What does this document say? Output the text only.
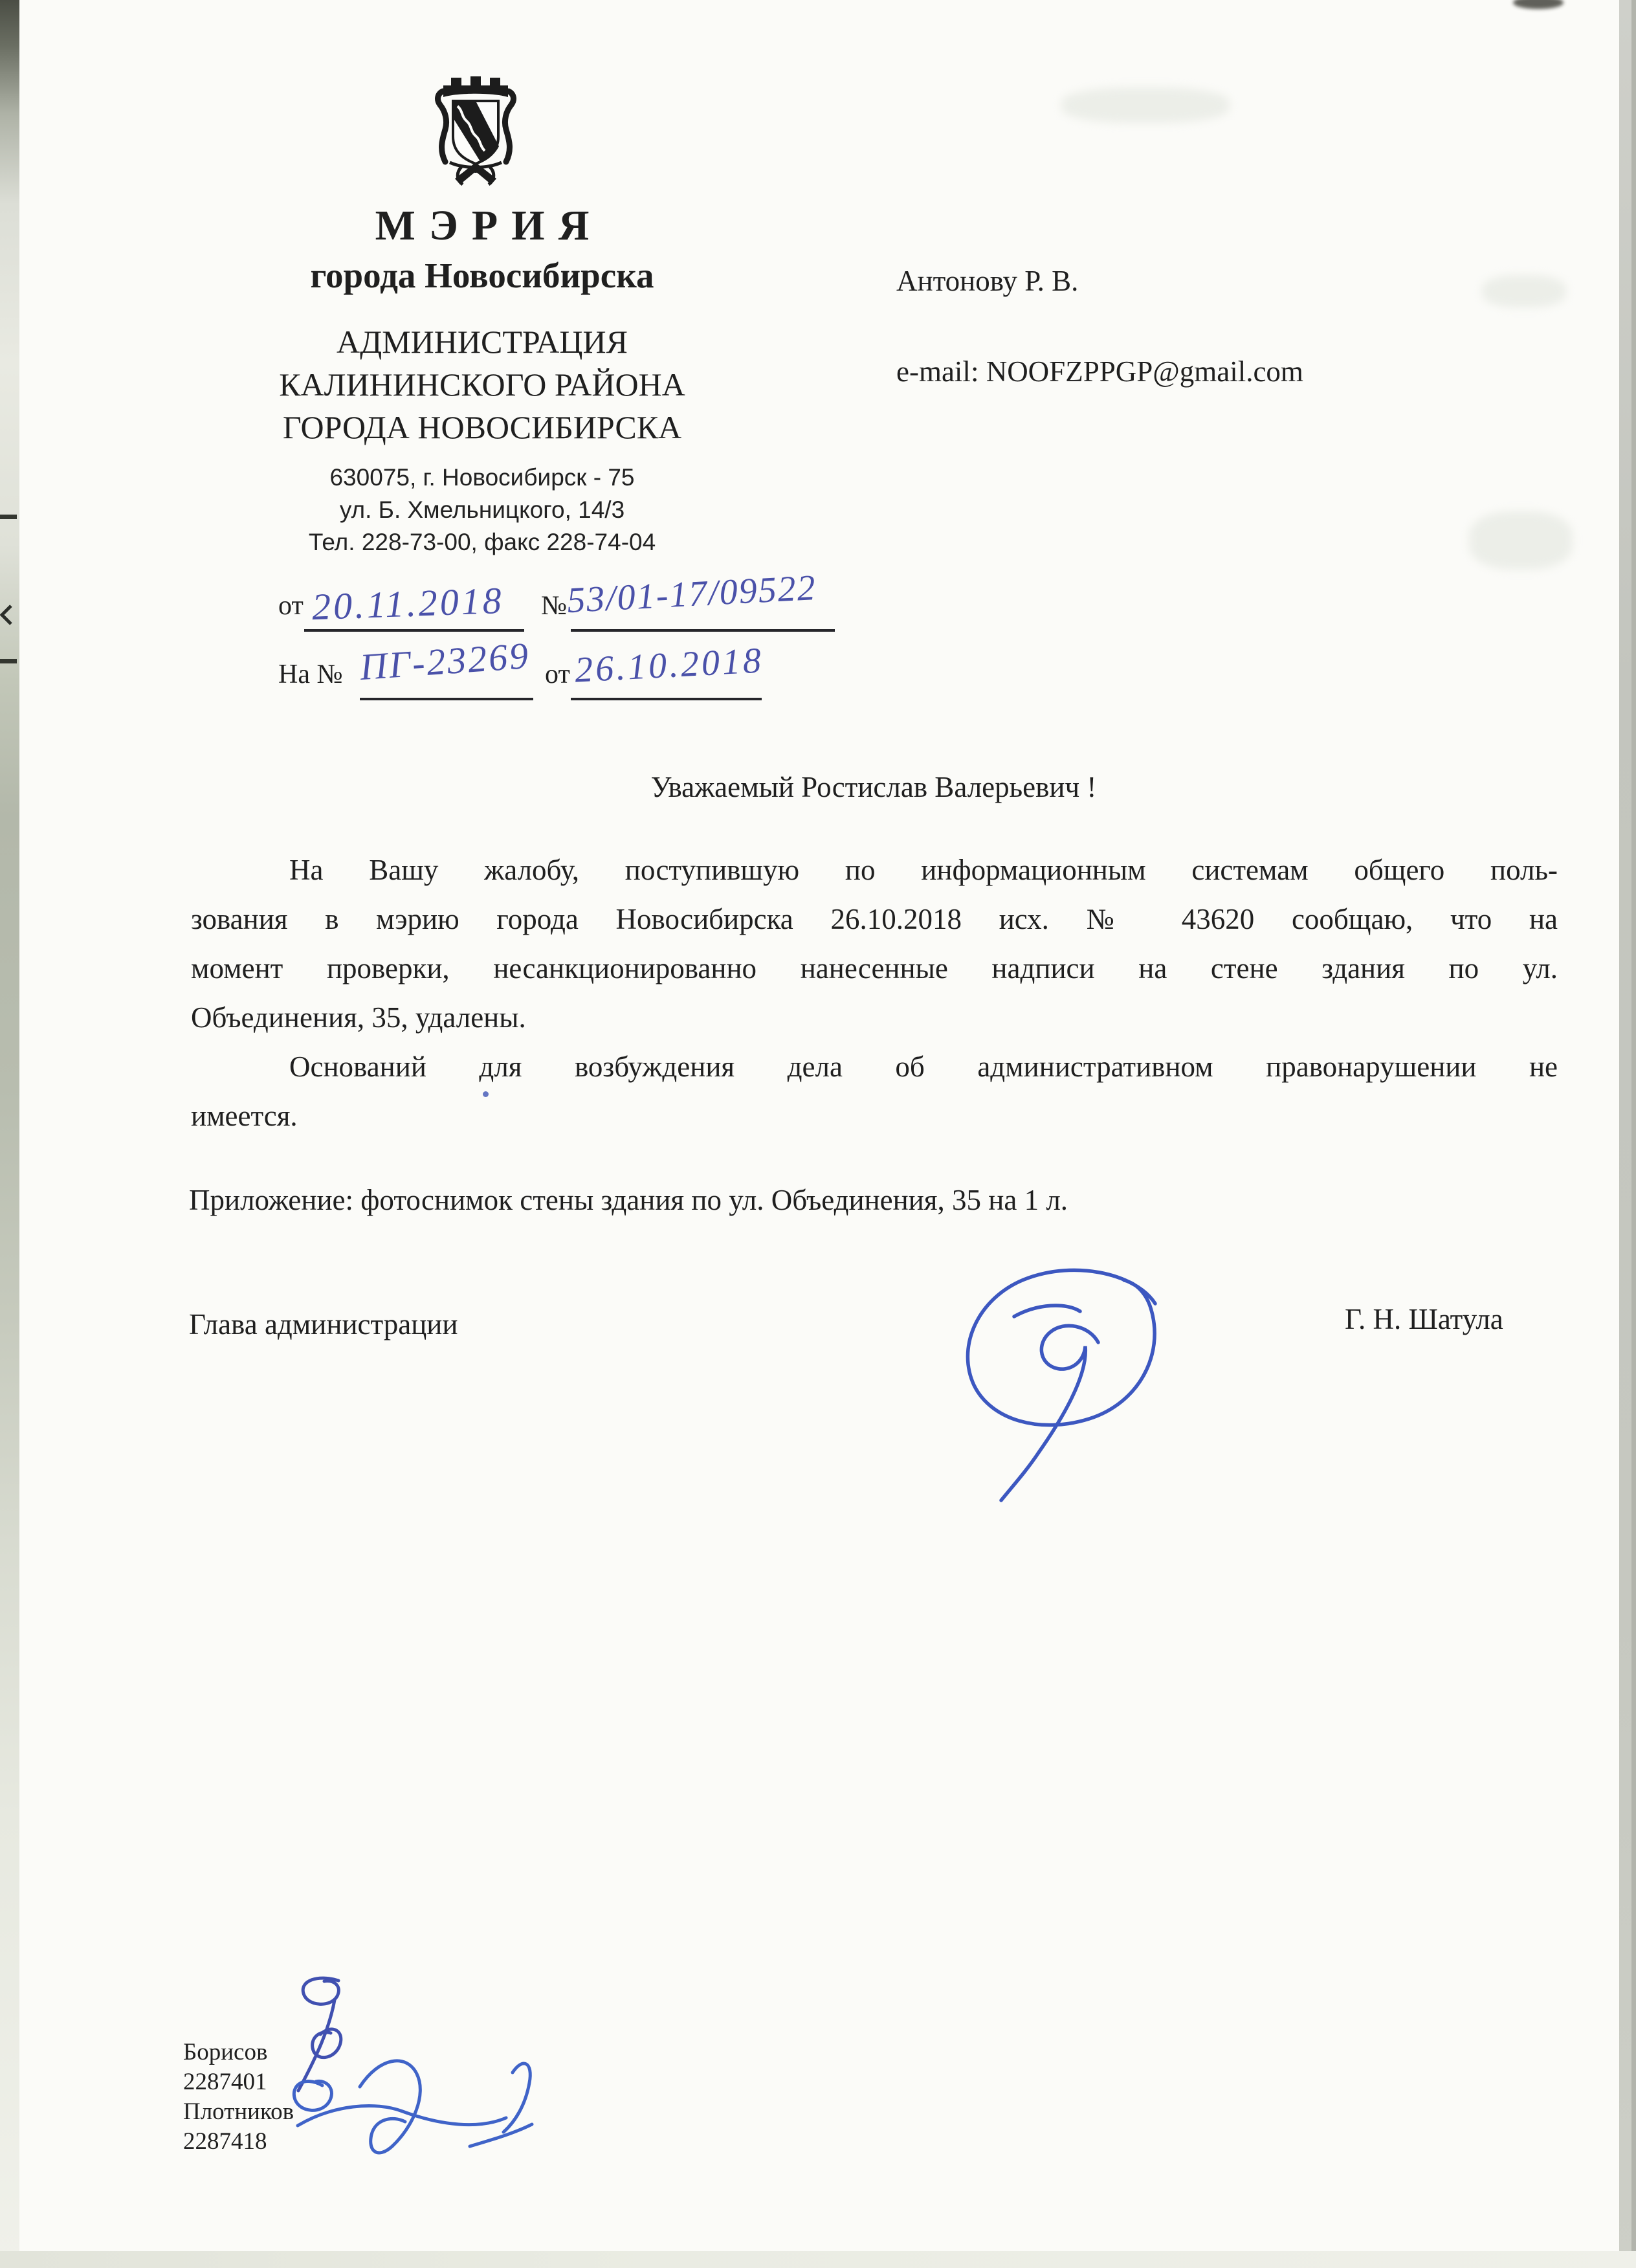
МЭРИЯ
города Новосибирска
АДМИНИСТРАЦИЯ
КАЛИНИНСКОГО РАЙОНА
ГОРОДА НОВОСИБИРСКА
630075, г. Новосибирск - 75
ул. Б. Хмельницкого, 14/3
Тел. 228-73-00, факс 228-74-04
Антонову Р. В.
e-mail: NOOFZPPGP@gmail.com
от 20.11.2018 №
53/01-17/09522
На № ПГ-23269 от 26.10.2018
Уважаемый Ростислав Валерьевич !
На Вашу жалобу, поступившую по информационным системам общего поль-
зования в мэрию города Новосибирска 26.10.2018 исх. № 43620 сообщаю, что на
момент проверки, несанкционированно нанесенные надписи на стене здания по ул.
Объединения, 35, удалены.
Оснований для возбуждения дела об административном правонарушении не
имеется.
Приложение: фотоснимок стены здания по ул. Объединения, 35 на 1 л.
Глава администрации	Г. Н. Шатула
Борисов
2287401
Плотников
2287418
